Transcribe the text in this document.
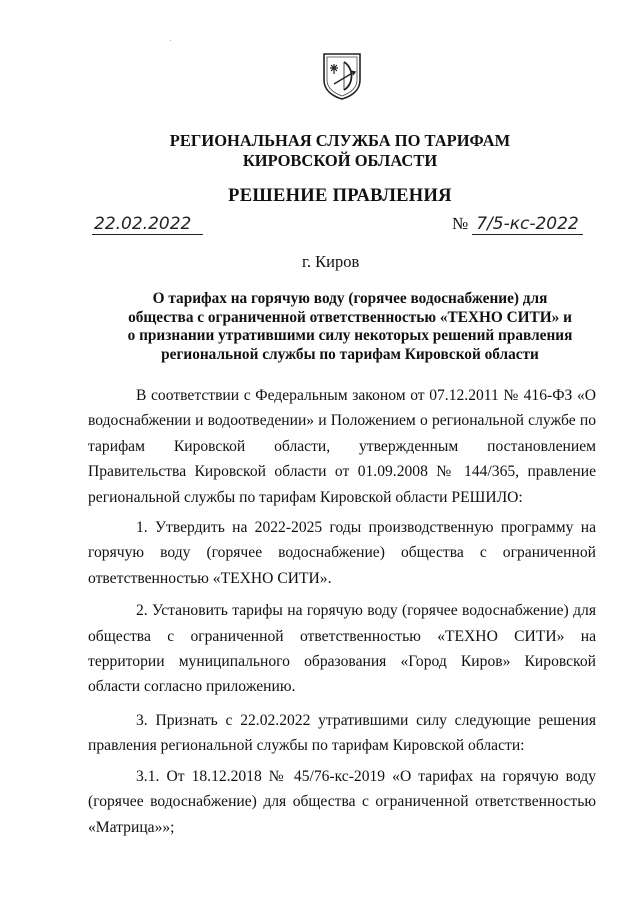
РЕГИОНАЛЬНАЯ СЛУЖБА ПО ТАРИФАМ
КИРОВСКОЙ ОБЛАСТИ
РЕШЕНИЕ ПРАВЛЕНИЯ
22.02.2022	№ 7/5-кс-2022
г. Киров
О тарифах на горячую воду (горячее водоснабжение) для
общества с ограниченной ответственностью «ТЕХНО СИТИ» и
о признании утратившими силу некоторых решений правления
региональной службы по тарифам Кировской области

В соответствии с Федеральным законом от 07.12.2011 № 416-ФЗ «О водоснабжении и водоотведении» и Положением о региональной службе по тарифам Кировской области, утвержденным постановлением Правительства Кировской области от 01.09.2008 № 144/365, правление региональной службы по тарифам Кировской области РЕШИЛО:

1. Утвердить на 2022-2025 годы производственную программу на горячую воду (горячее водоснабжение) общества с ограниченной ответственностью «ТЕХНО СИТИ».

2. Установить тарифы на горячую воду (горячее водоснабжение) для общества с ограниченной ответственностью «ТЕХНО СИТИ» на территории муниципального образования «Город Киров» Кировской области согласно приложению.

3. Признать с 22.02.2022 утратившими силу следующие решения правления региональной службы по тарифам Кировской области:

3.1. От 18.12.2018 № 45/76-кс-2019 «О тарифах на горячую воду (горячее водоснабжение) для общества с ограниченной ответственностью «Матрица»»;
